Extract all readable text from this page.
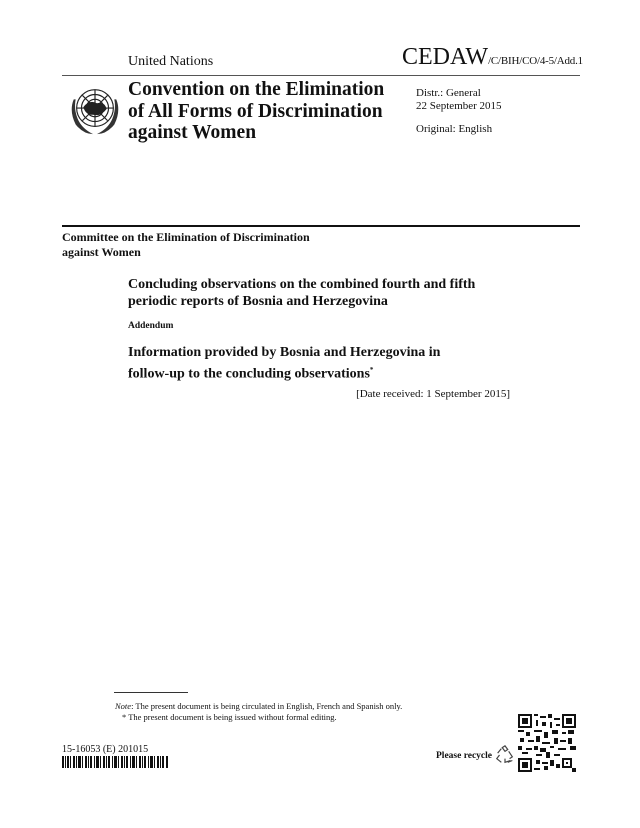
United Nations	CEDAW/C/BIH/CO/4-5/Add.1
Convention on the Elimination
of All Forms of Discrimination
against Women
Distr.: General
22 September 2015
Original: English
Committee on the Elimination of Discrimination
against Women
Concluding observations on the combined fourth and fifth
periodic reports of Bosnia and Herzegovina
Addendum
Information provided by Bosnia and Herzegovina in
follow-up to the concluding observations*
[Date received: 1 September 2015]
Note: The present document is being circulated in English, French and Spanish only.
* The present document is being issued without formal editing.
15-16053 (E) 201015
Please recycle
